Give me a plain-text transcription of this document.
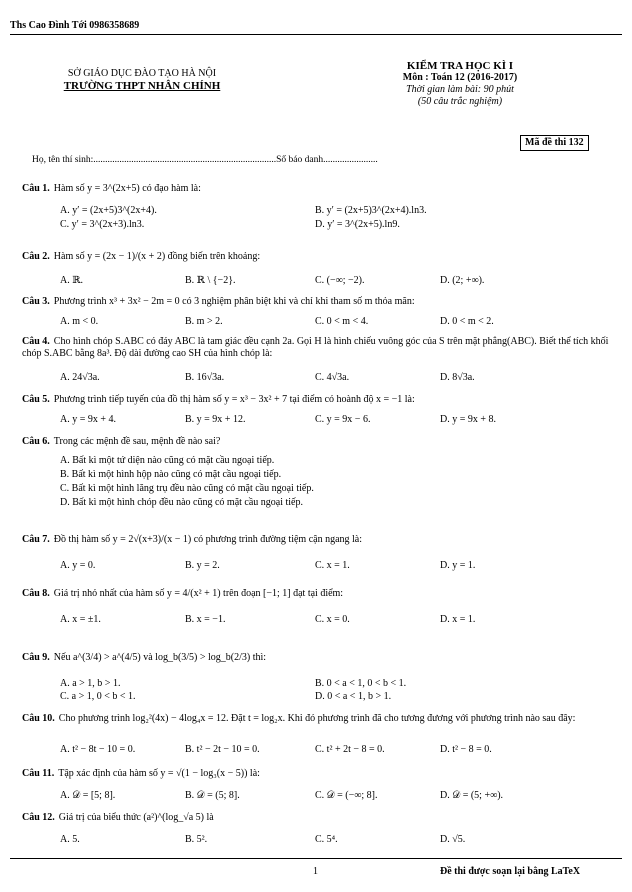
Ths Cao Đình Tới 0986358689
SỞ GIÁO DỤC ĐÀO TẠO HÀ NỘI
TRƯỜNG THPT NHÂN CHÍNH
KIỂM TRA HỌC KÌ I
Môn : Toán 12 (2016-2017)
Thời gian làm bài: 90 phút
(50 câu trắc nghiệm)
Mã đề thi 132
Họ, tên thí sinh:.............................................................................Số báo danh.......................
Câu 1. Hàm số y = 3^(2x+5) có đạo hàm là:
A. y′ = (2x+5)3^(2x+4).	B. y′ = (2x+5)3^(2x+4).ln3.
C. y′ = 3^(2x+3).ln3.	D. y′ = 3^(2x+5).ln9.
Câu 2. Hàm số y = (2x − 1)/(x + 2) đồng biến trên khoảng:
A. ℝ.	B. ℝ \ {−2}.	C. (−∞; −2).	D. (2; +∞).
Câu 3. Phương trình x³ + 3x² − 2m = 0 có 3 nghiệm phân biệt khi và chỉ khi tham số m thỏa mãn:
A. m < 0.	B. m > 2.	C. 0 < m < 4.	D. 0 < m < 2.
Câu 4. Cho hình chóp S.ABC có đáy ABC là tam giác đều cạnh 2a. Gọi H là hình chiếu vuông góc của S trên mặt phẳng(ABC). Biết thể tích khối chóp S.ABC bằng 8a³. Độ dài đường cao SH của hình chóp là:
A. 24√3a.	B. 16√3a.	C. 4√3a.	D. 8√3a.
Câu 5. Phương trình tiếp tuyến của đồ thị hàm số y = x³ − 3x² + 7 tại điểm có hoành độ x = −1 là:
A. y = 9x + 4.	B. y = 9x + 12.	C. y = 9x − 6.	D. y = 9x + 8.
Câu 6. Trong các mệnh đề sau, mệnh đề nào sai?
A. Bất kì một tứ diện nào cũng có mặt cầu ngoại tiếp.
B. Bất kì một hình hộp nào cũng có mặt cầu ngoại tiếp.
C. Bất kì một hình lăng trụ đều nào cũng có mặt cầu ngoại tiếp.
D. Bất kì một hình chóp đều nào cũng có mặt cầu ngoại tiếp.
Câu 7. Đồ thị hàm số y = 2√(x+3)/(x − 1) có phương trình đường tiệm cận ngang là:
A. y = 0.	B. y = 2.	C. x = 1.	D. y = 1.
Câu 8. Giá trị nhỏ nhất của hàm số y = 4/(x² + 1) trên đoạn [−1; 1] đạt tại điểm:
A. x = ±1.	B. x = −1.	C. x = 0.	D. x = 1.
Câu 9. Nếu a^(3/4) > a^(4/5) và log_b(3/5) > log_b(2/3) thì:
A. a > 1, b > 1.	B. 0 < a < 1, 0 < b < 1.
C. a > 1, 0 < b < 1.	D. 0 < a < 1, b > 1.
Câu 10. Cho phương trình log₂²(4x) − 4log₄x = 12. Đặt t = log₂x. Khi đó phương trình đã cho tương đương với phương trình nào sau đây:
A. t² − 8t − 10 = 0.	B. t² − 2t − 10 = 0.	C. t² + 2t − 8 = 0.	D. t² − 8 = 0.
Câu 11. Tập xác định của hàm số y = √(1 − log₃(x − 5)) là:
A. 𝒟 = [5; 8].	B. 𝒟 = (5; 8].	C. 𝒟 = (−∞; 8].	D. 𝒟 = (5; +∞).
Câu 12. Giá trị của biểu thức (a²)^(log_√a 5) là
A. 5.	B. 5².	C. 5⁴.	D. √5.
1	Đề thi được soạn lại bằng LaTeX
